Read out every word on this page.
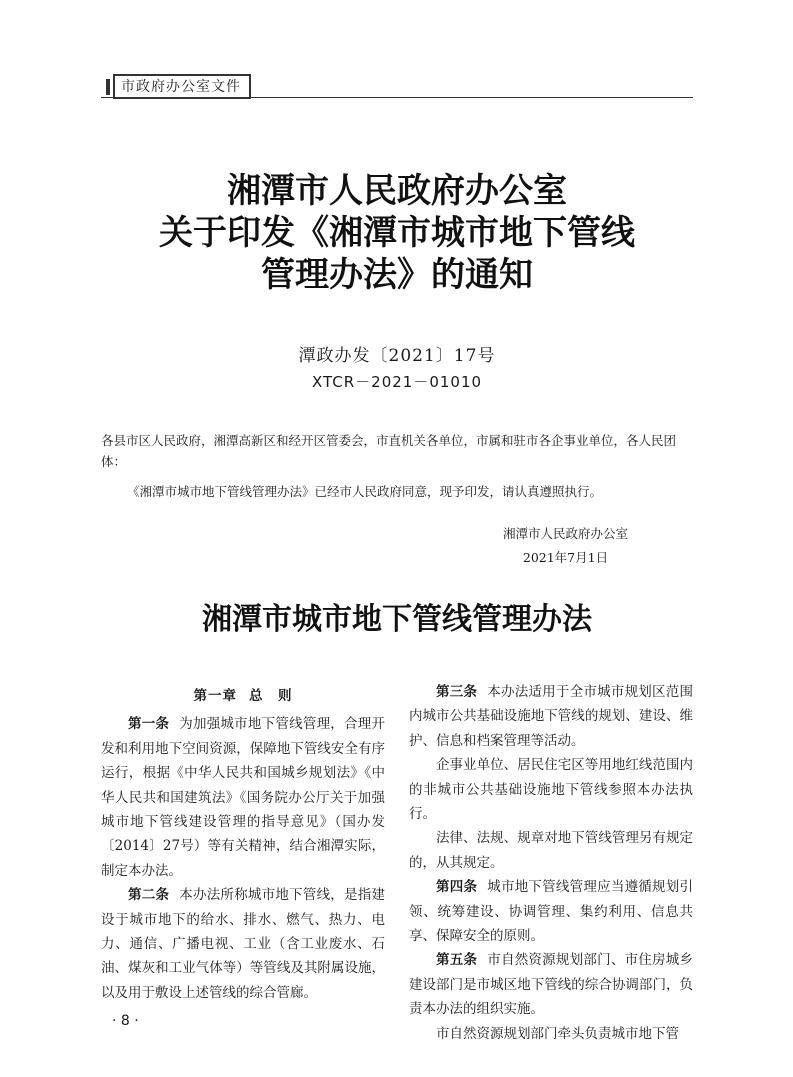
市政府办公室文件
湘潭市人民政府办公室
关于印发《湘潭市城市地下管线
管理办法》的通知
潭政办发〔2021〕17号
XTCR－2021－01010
各县市区人民政府，湘潭高新区和经开区管委会，市直机关各单位，市属和驻市各企事业单位，各人民团体：
《湘潭市城市地下管线管理办法》已经市人民政府同意，现予印发，请认真遵照执行。
湘潭市人民政府办公室
2021年7月1日
湘潭市城市地下管线管理办法
第一章 总　则

第一条 为加强城市地下管线管理，合理开发和利用地下空间资源，保障地下管线安全有序运行，根据《中华人民共和国城乡规划法》《中华人民共和国建筑法》《国务院办公厅关于加强城市地下管线建设管理的指导意见》（国办发〔2014〕27号）等有关精神，结合湘潭实际，制定本办法。

第二条 本办法所称城市地下管线，是指建设于城市地下的给水、排水、燃气、热力、电力、通信、广播电视、工业（含工业废水、石油、煤灰和工业气体等）等管线及其附属设施，以及用于敷设上述管线的综合管廊。

第三条 本办法适用于全市城市规划区范围内城市公共基础设施地下管线的规划、建设、维护、信息和档案管理等活动。

企事业单位、居民住宅区等用地红线范围内的非城市公共基础设施地下管线参照本办法执行。

法律、法规、规章对地下管线管理另有规定的，从其规定。

第四条 城市地下管线管理应当遵循规划引领、统筹建设、协调管理、集约利用、信息共享、保障安全的原则。

第五条 市自然资源规划部门、市住房城乡建设部门是市城区地下管线的综合协调部门，负责本办法的组织实施。

市自然资源规划部门牵头负责城市地下管

· 8 ·
